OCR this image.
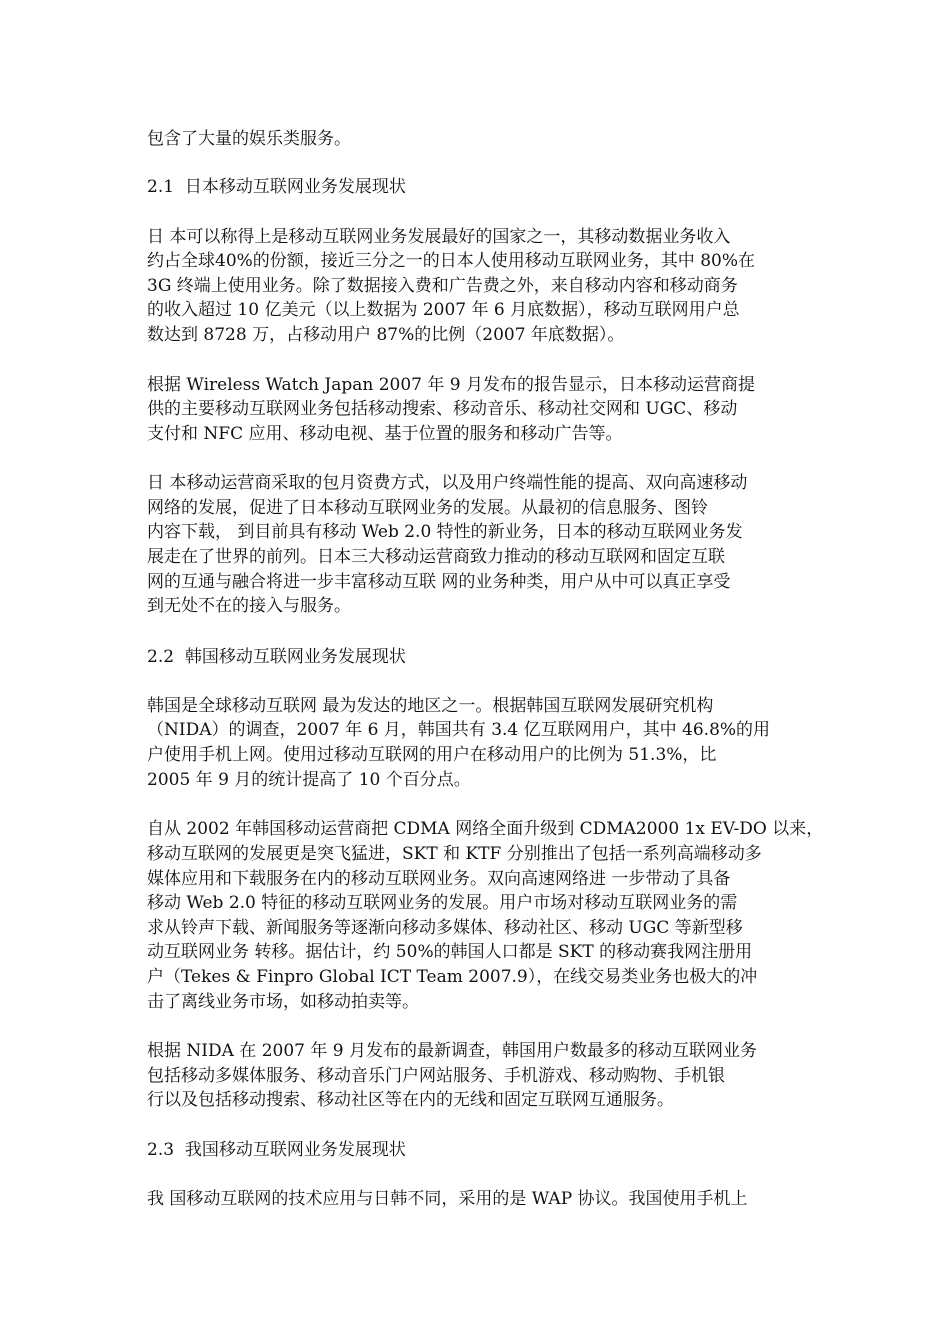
包含了大量的娱乐类服务。
2.1  日本移动互联网业务发展现状
日 本可以称得上是移动互联网业务发展最好的国家之一，其移动数据业务收入
约占全球40%的份额，接近三分之一的日本人使用移动互联网业务，其中 80%在
3G 终端上使用业务。除了数据接入费和广告费之外，来自移动内容和移动商务
的收入超过 10 亿美元（以上数据为 2007 年 6 月底数据），移动互联网用户总
数达到 8728 万，占移动用户 87%的比例（2007 年底数据）。
根据 Wireless Watch Japan 2007 年 9 月发布的报告显示，日本移动运营商提
供的主要移动互联网业务包括移动搜索、移动音乐、移动社交网和 UGC、移动
支付和 NFC 应用、移动电视、基于位置的服务和移动广告等。
日 本移动运营商采取的包月资费方式，以及用户终端性能的提高、双向高速移动
网络的发展，促进了日本移动互联网业务的发展。从最初的信息服务、图铃
内容下载， 到目前具有移动 Web 2.0 特性的新业务，日本的移动互联网业务发
展走在了世界的前列。日本三大移动运营商致力推动的移动互联网和固定互联
网的互通与融合将进一步丰富移动互联 网的业务种类，用户从中可以真正享受
到无处不在的接入与服务。
2.2  韩国移动互联网业务发展现状
韩国是全球移动互联网 最为发达的地区之一。根据韩国互联网发展研究机构
（NIDA）的调查，2007 年 6 月，韩国共有 3.4 亿互联网用户，其中 46.8%的用
户使用手机上网。使用过移动互联网的用户在移动用户的比例为 51.3%，比
2005 年 9 月的统计提高了 10 个百分点。
自从 2002 年韩国移动运营商把 CDMA 网络全面升级到 CDMA2000 1x EV-DO 以来，
移动互联网的发展更是突飞猛进，SKT 和 KTF 分别推出了包括一系列高端移动多
媒体应用和下载服务在内的移动互联网业务。双向高速网络进 一步带动了具备
移动 Web 2.0 特征的移动互联网业务的发展。用户市场对移动互联网业务的需
求从铃声下载、新闻服务等逐渐向移动多媒体、移动社区、移动 UGC 等新型移
动互联网业务 转移。据估计，约 50%的韩国人口都是 SKT 的移动赛我网注册用
户（Tekes & Finpro Global ICT Team 2007.9），在线交易类业务也极大的冲
击了离线业务市场，如移动拍卖等。
根据 NIDA 在 2007 年 9 月发布的最新调查，韩国用户数最多的移动互联网业务
包括移动多媒体服务、移动音乐门户网站服务、手机游戏、移动购物、手机银
行以及包括移动搜索、移动社区等在内的无线和固定互联网互通服务。
2.3  我国移动互联网业务发展现状
我 国移动互联网的技术应用与日韩不同，采用的是 WAP 协议。我国使用手机上
